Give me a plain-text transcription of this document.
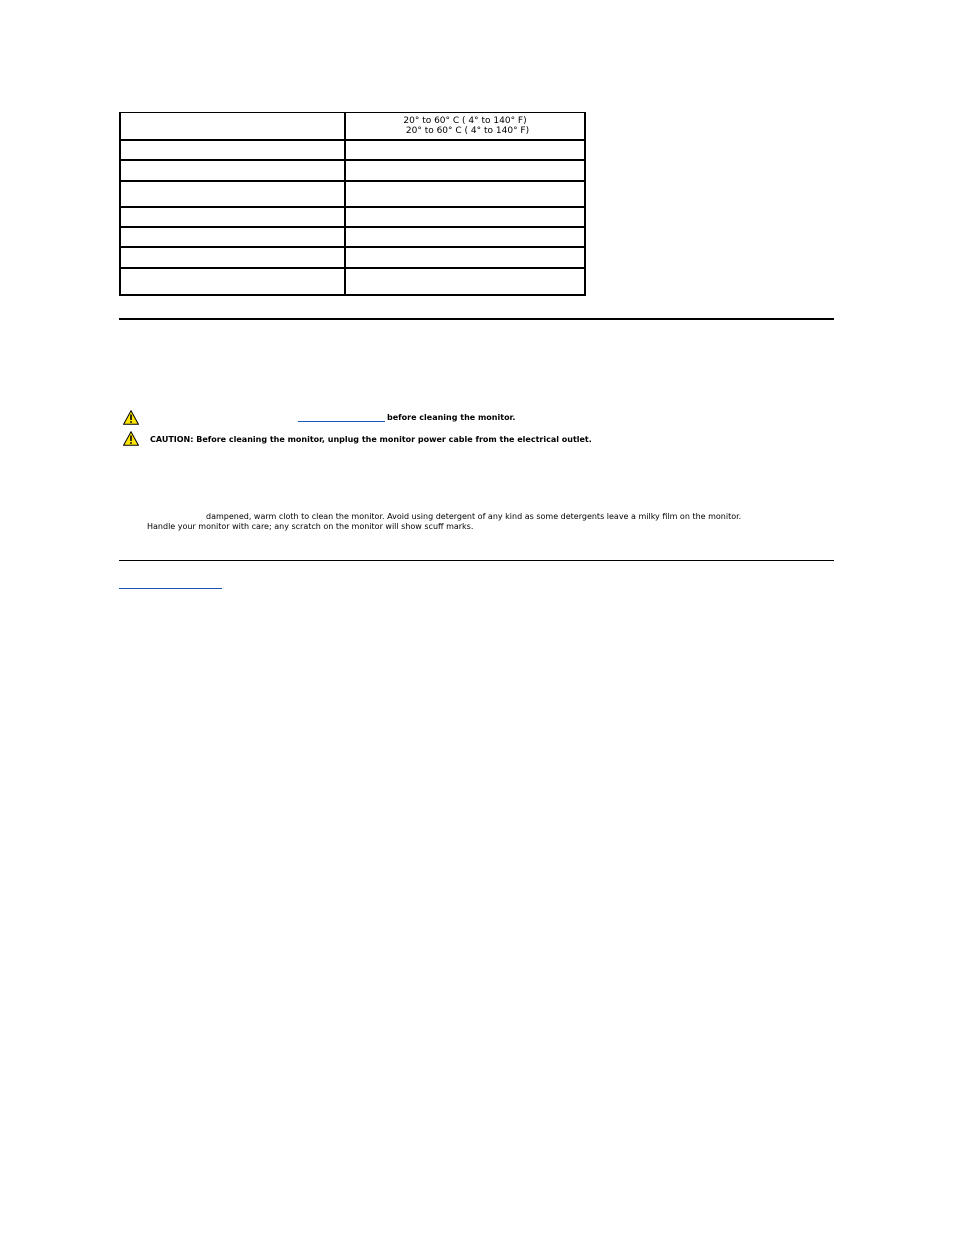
	20° to 60° C ( 4° to 140° F)
20° to 60° C ( 4° to 140° F)

before cleaning the monitor.
CAUTION: Before cleaning the monitor, unplug the monitor power cable from the electrical outlet.
dampened, warm cloth to clean the monitor. Avoid using detergent of any kind as some detergents leave a milky film on the monitor.
Handle your monitor with care; any scratch on the monitor will show scuff marks.
